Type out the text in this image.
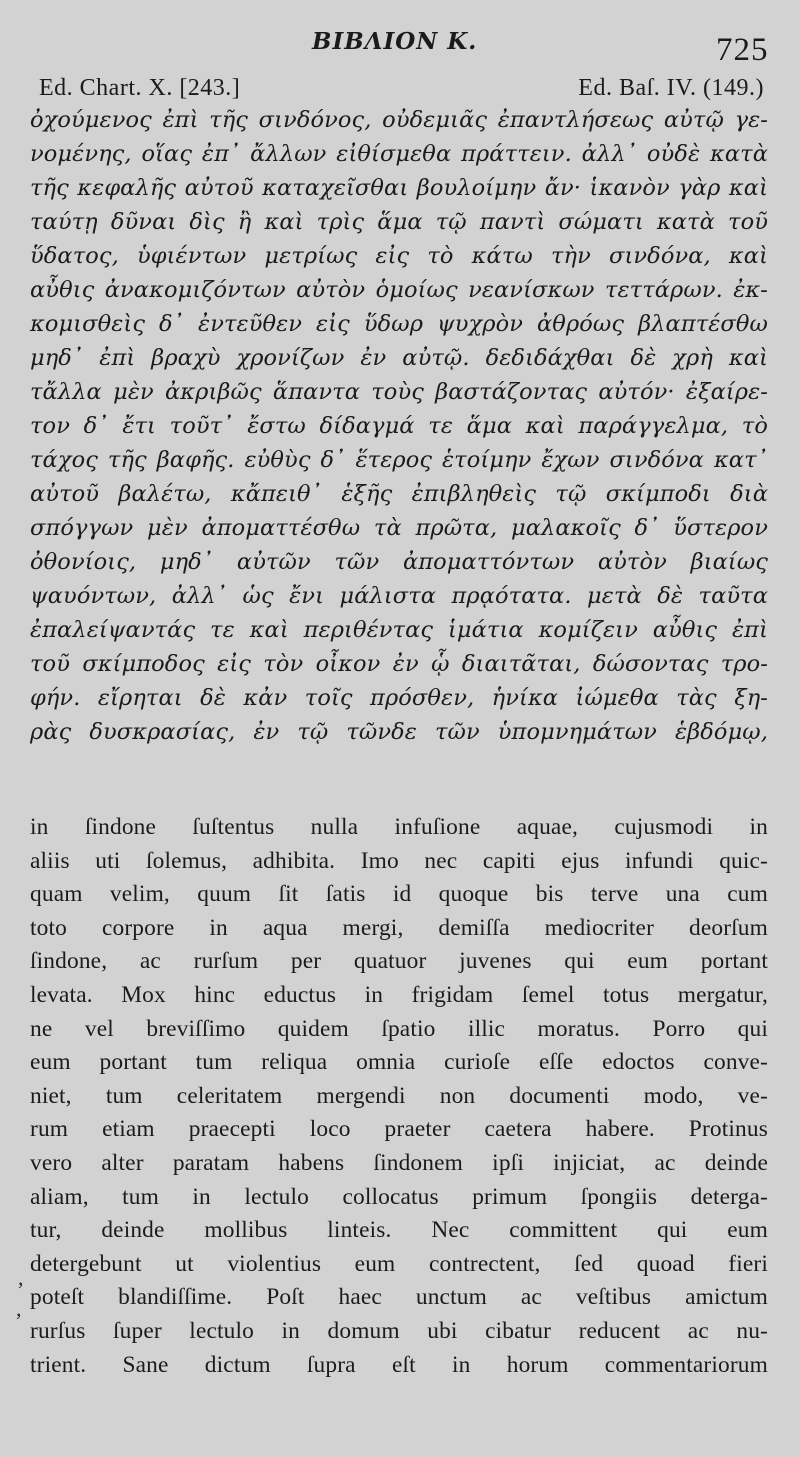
ΒΙΒΛΙΟΝ Κ.	725
Ed. Chart. X. [243.]	Ed. Baſ. IV. (149.)
ὀχούμενος ἐπὶ τῆς σινδόνος, οὐδεμιᾶς ἐπαντλήσεως αὐτῷ γε-
νομένης, οἵας ἐπ᾽ ἄλλων εἰθίσμεθα πράττειν. ἀλλ᾽ οὐδὲ κατὰ
τῆς κεφαλῆς αὐτοῦ καταχεῖσθαι βουλοίμην ἄν· ἱκανὸν γὰρ καὶ
ταύτῃ δῦναι δὶς ἢ καὶ τρὶς ἅμα τῷ παντὶ σώματι κατὰ τοῦ
ὕδατος, ὑφιέντων μετρίως εἰς τὸ κάτω τὴν σινδόνα, καὶ
αὖθις ἀνακομιζόντων αὐτὸν ὁμοίως νεανίσκων τεττάρων. ἐκ-
κομισθεὶς δ᾽ ἐντεῦθεν εἰς ὕδωρ ψυχρὸν ἀθρόως βλαπτέσθω
μηδ᾽ ἐπὶ βραχὺ χρονίζων ἐν αὐτῷ. δεδιδάχθαι δὲ χρὴ καὶ
τἄλλα μὲν ἀκριβῶς ἅπαντα τοὺς βαστάζοντας αὐτόν· ἐξαίρε-
τον δ᾽ ἔτι τοῦτ᾽ ἔστω δίδαγμά τε ἅμα καὶ παράγγελμα, τὸ
τάχος τῆς βαφῆς. εὐθὺς δ᾽ ἕτερος ἑτοίμην ἔχων σινδόνα κατ᾽
αὐτοῦ βαλέτω, κἄπειθ᾽ ἑξῆς ἐπιβληθεὶς τῷ σκίμποδι διὰ
σπόγγων μὲν ἀποματτέσθω τὰ πρῶτα, μαλακοῖς δ᾽ ὕστερον
ὀθονίοις, μηδ᾽ αὐτῶν τῶν ἀποματτόντων αὐτὸν βιαίως
ψαυόντων, ἀλλ᾽ ὡς ἔνι μάλιστα πρᾳότατα. μετὰ δὲ ταῦτα
ἐπαλείψαντάς τε καὶ περιθέντας ἱμάτια κομίζειν αὖθις ἐπὶ
τοῦ σκίμποδος εἰς τὸν οἶκον ἐν ᾧ διαιτᾶται, δώσοντας τρο-
φήν. εἴρηται δὲ κἀν τοῖς πρόσθεν, ἡνίκα ἰώμεθα τὰς ξη-
ρὰς δυσκρασίας, ἐν τῷ τῶνδε τῶν ὑπομνημάτων ἑβδόμῳ,
in ſindone ſuſtentus nulla infuſione aquae, cujusmodi in
aliis uti ſolemus, adhibita. Imo nec capiti ejus infundi quic-
quam velim, quum ſit ſatis id quoque bis terve una cum
toto corpore in aqua mergi, demiſſa mediocriter deorſum
ſindone, ac rurſum per quatuor juvenes qui eum portant
levata. Mox hinc eductus in frigidam ſemel totus mergatur,
ne vel breviſſimo quidem ſpatio illic moratus. Porro qui
eum portant tum reliqua omnia curioſe eſſe edoctos conve-
niet, tum celeritatem mergendi non documenti modo, ve-
rum etiam praecepti loco praeter caetera habere. Protinus
vero alter paratam habens ſindonem ipſi injiciat, ac deinde
aliam, tum in lectulo collocatus primum ſpongiis deterga-
tur, deinde mollibus linteis. Nec committent qui eum
detergebunt ut violentius eum contrectent, ſed quoad fieri
poteſt blandiſſime. Poſt haec unctum ac veſtibus amictum
rurſus ſuper lectulo in domum ubi cibatur reducent ac nu-
trient. Sane dictum ſupra eſt in horum commentariorum
,
,
